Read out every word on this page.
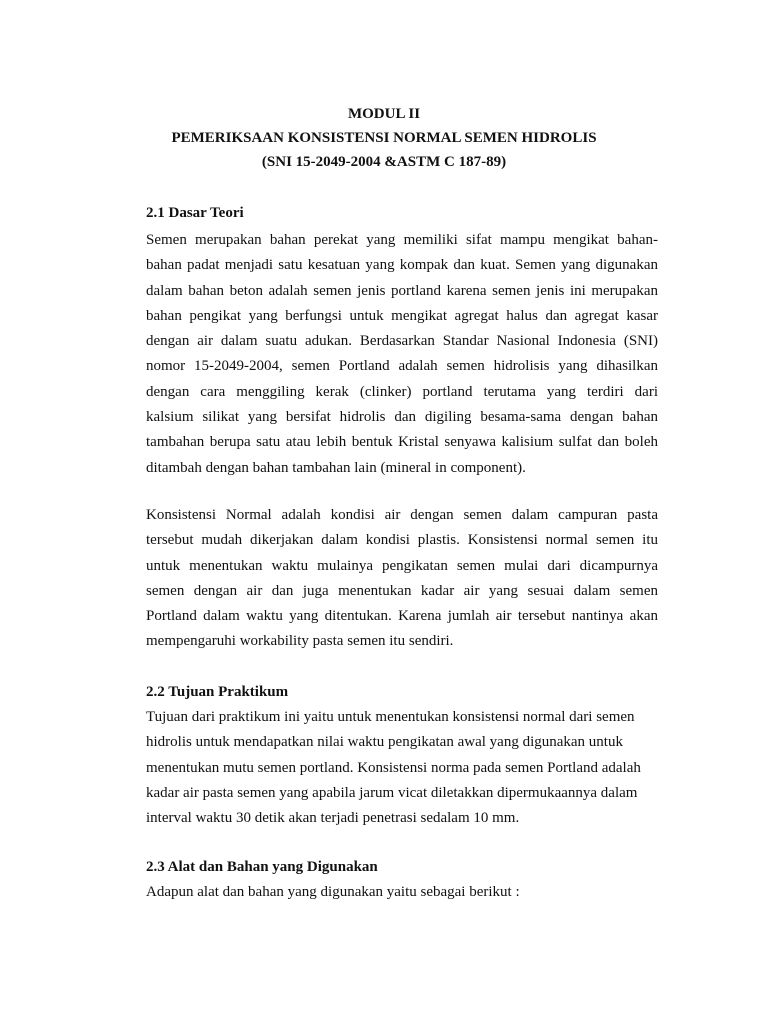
MODUL II
PEMERIKSAAN KONSISTENSI NORMAL SEMEN HIDROLIS
(SNI 15-2049-2004 &ASTM C 187-89)
2.1 Dasar Teori

Semen merupakan bahan perekat yang memiliki sifat mampu mengikat bahan-
bahan padat menjadi satu kesatuan yang kompak dan kuat. Semen yang digunakan
dalam bahan beton adalah semen jenis portland karena semen jenis ini merupakan
bahan pengikat yang berfungsi untuk mengikat agregat halus dan agregat kasar
dengan air dalam suatu adukan. Berdasarkan Standar Nasional Indonesia (SNI)
nomor 15-2049-2004, semen Portland adalah semen hidrolisis yang dihasilkan
dengan cara menggiling kerak (clinker) portland terutama yang terdiri dari
kalsium silikat yang bersifat hidrolis dan digiling besama-sama dengan bahan
tambahan berupa satu atau lebih bentuk Kristal senyawa kalisium sulfat dan boleh
ditambah dengan bahan tambahan lain (mineral in component).

Konsistensi Normal adalah kondisi air dengan semen dalam campuran pasta
tersebut mudah dikerjakan dalam kondisi plastis. Konsistensi normal semen itu
untuk menentukan waktu mulainya pengikatan semen mulai dari dicampurnya
semen dengan air dan juga menentukan kadar air yang sesuai dalam semen
Portland dalam waktu yang ditentukan. Karena jumlah air tersebut nantinya akan
mempengaruhi workability pasta semen itu sendiri.

2.2 Tujuan Praktikum

Tujuan dari praktikum ini yaitu untuk menentukan konsistensi normal dari semen
hidrolis untuk mendapatkan nilai waktu pengikatan awal yang digunakan untuk
menentukan mutu semen portland. Konsistensi norma pada semen Portland adalah
kadar air pasta semen yang apabila jarum vicat diletakkan dipermukaannya dalam
interval waktu 30 detik akan terjadi penetrasi sedalam 10 mm.

2.3 Alat dan Bahan yang Digunakan

Adapun alat dan bahan yang digunakan yaitu sebagai berikut :
